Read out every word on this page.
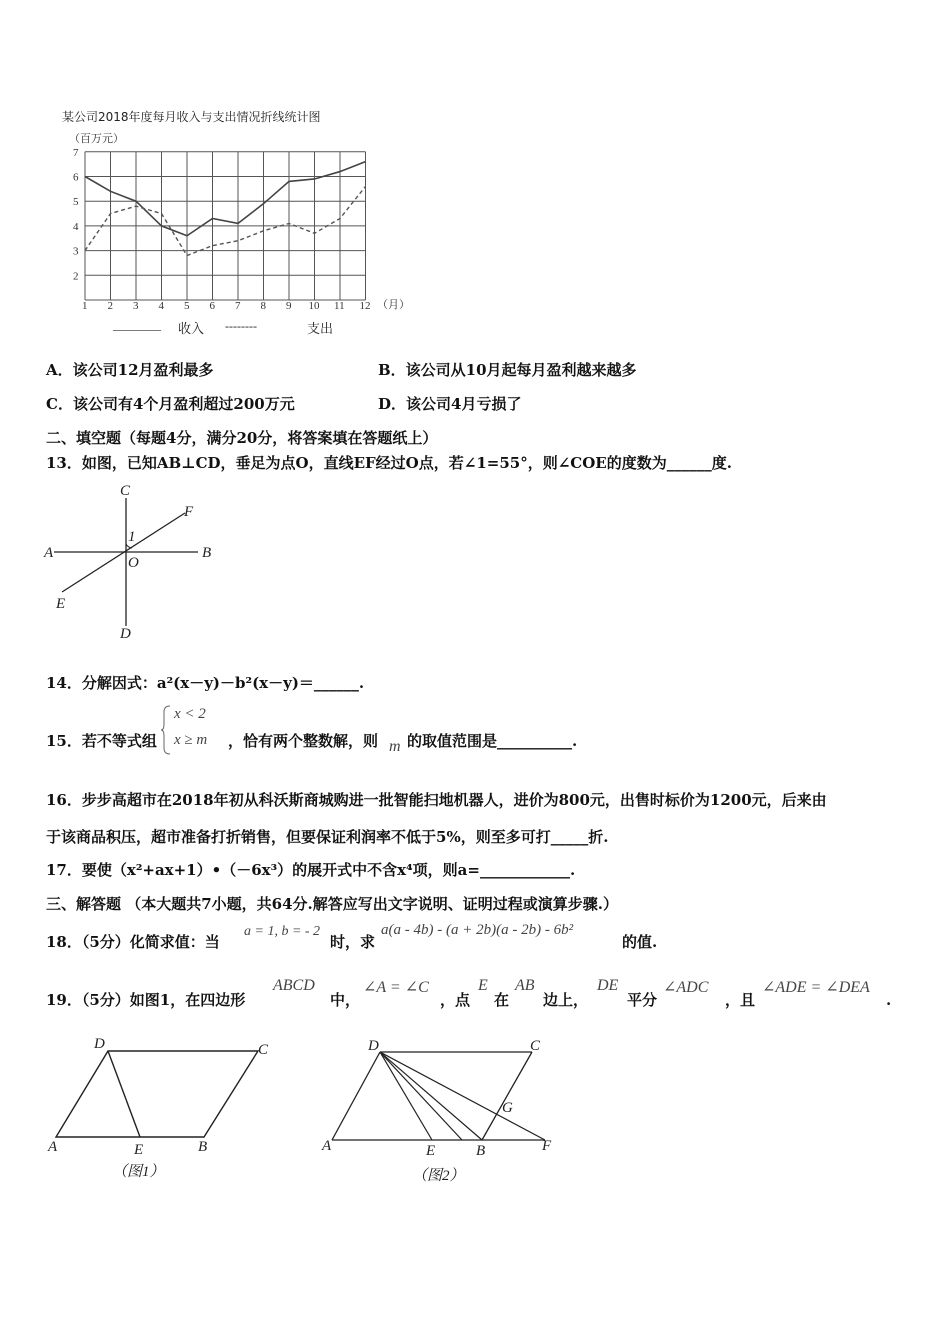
某公司2018年度每月收入与支出情况折线统计图
（百万元）
2
3
4
5
6
7
1 2 3 4 5 6 7 8 9 10 11 12 （月）
———— 收入 --------	支出
A．该公司12月盈利最多	B．该公司从10月起每月盈利越来越多
C．该公司有4个月盈利超过200万元	D．该公司4月亏损了
二、填空题（每题4分，满分20分，将答案填在答题纸上）
13．如图，已知AB⊥CD，垂足为点O，直线EF经过O点，若∠1=55°，则∠COE的度数为______度.
C
F
1
A
O
B
E
D
14．分解因式：a²(x－y)－b²(x－y)＝______.
15．若不等式组
x < 2
x ≥ m ，恰有两个整数解，则 m 的取值范围是__________.
16．步步高超市在2018年初从科沃斯商城购进一批智能扫地机器人，进价为800元，出售时标价为1200元，后来由
于该商品积压，超市准备打折销售，但要保证利润率不低于5%，则至多可打_____折.
17．要使（x²+ax+1）•（－6x³）的展开式中不含x⁴项，则a=____________.
三、解答题 （本大题共7小题，共64分.解答应写出文字说明、证明过程或演算步骤.）
18．（5分）化简求值：当
a = 1, b = - 2
时，求
a(a - 4b) - (a + 2b)(a - 2b) - 6b²
的值.
19．（5分）如图1，在四边形
ABCD
中，
∠A = ∠C
，点
E
在
AB
边上，
DE
平分
∠ADC
，且
∠ADE = ∠DEA
.
D	C
A	E	B
（图1）
D	C
G
A	E	B	F
（图2）
